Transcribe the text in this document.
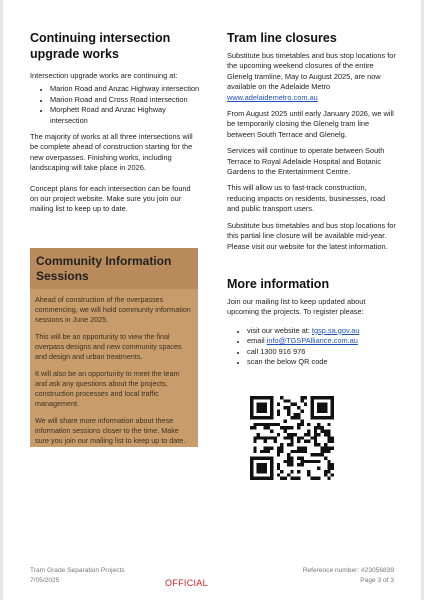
Continuing intersection upgrade works

Intersection upgrade works are continuing at:

• Marion Road and Anzac Highway intersection
• Marion Road and Cross Road intersection
• Morphett Road and Anzac Highway intersection

The majority of works at all three intersections will be complete ahead of construction starting for the new overpasses. Finishing works, including landscaping will take place in 2026.

Concept plans for each intersection can be found on our project website. Make sure you join our mailing list to keep up to date.

Community Information Sessions

Ahead of construction of the overpasses commencing, we will hold community information sessions in June 2025.

This will be an opportunity to view the final overpass designs and new community spaces and design and urban treatments.

It will also be an opportunity to meet the team and ask any questions about the projects, construction processes and local traffic management.

We will share more information about these information sessions closer to the time. Make sure you join our mailing list to keep up to date.

Tram line closures

Substitute bus timetables and bus stop locations for the upcoming weekend closures of the entire Glenelg tramline, May to August 2025, are now available on the Adelaide Metro www.adelaidemetro.com.au

From August 2025 until early January 2026, we will be temporarily closing the Glenelg tram line between South Terrace and Glenelg.

Services will continue to operate between South Terrace to Royal Adelaide Hospital and Botanic Gardens to the Entertainment Centre.

This will allow us to fast-track construction, reducing impacts on residents, businesses, road and public transport users.

Substitute bus timetables and bus stop locations for this partial line closure will be available mid-year. Please visit our website for the latest information.

More information

Join our mailing list to keep updated about upcoming the projects. To register please:

• visit our website at: tgsp.sa.gov.au
• email info@TGSPAlliance.com.au
• call 1300 916 976
• scan the below QR code
Tram Grade Separation Projects
7/05/2025
Reference number: #23056839
Page 3 of 3
OFFICIAL
